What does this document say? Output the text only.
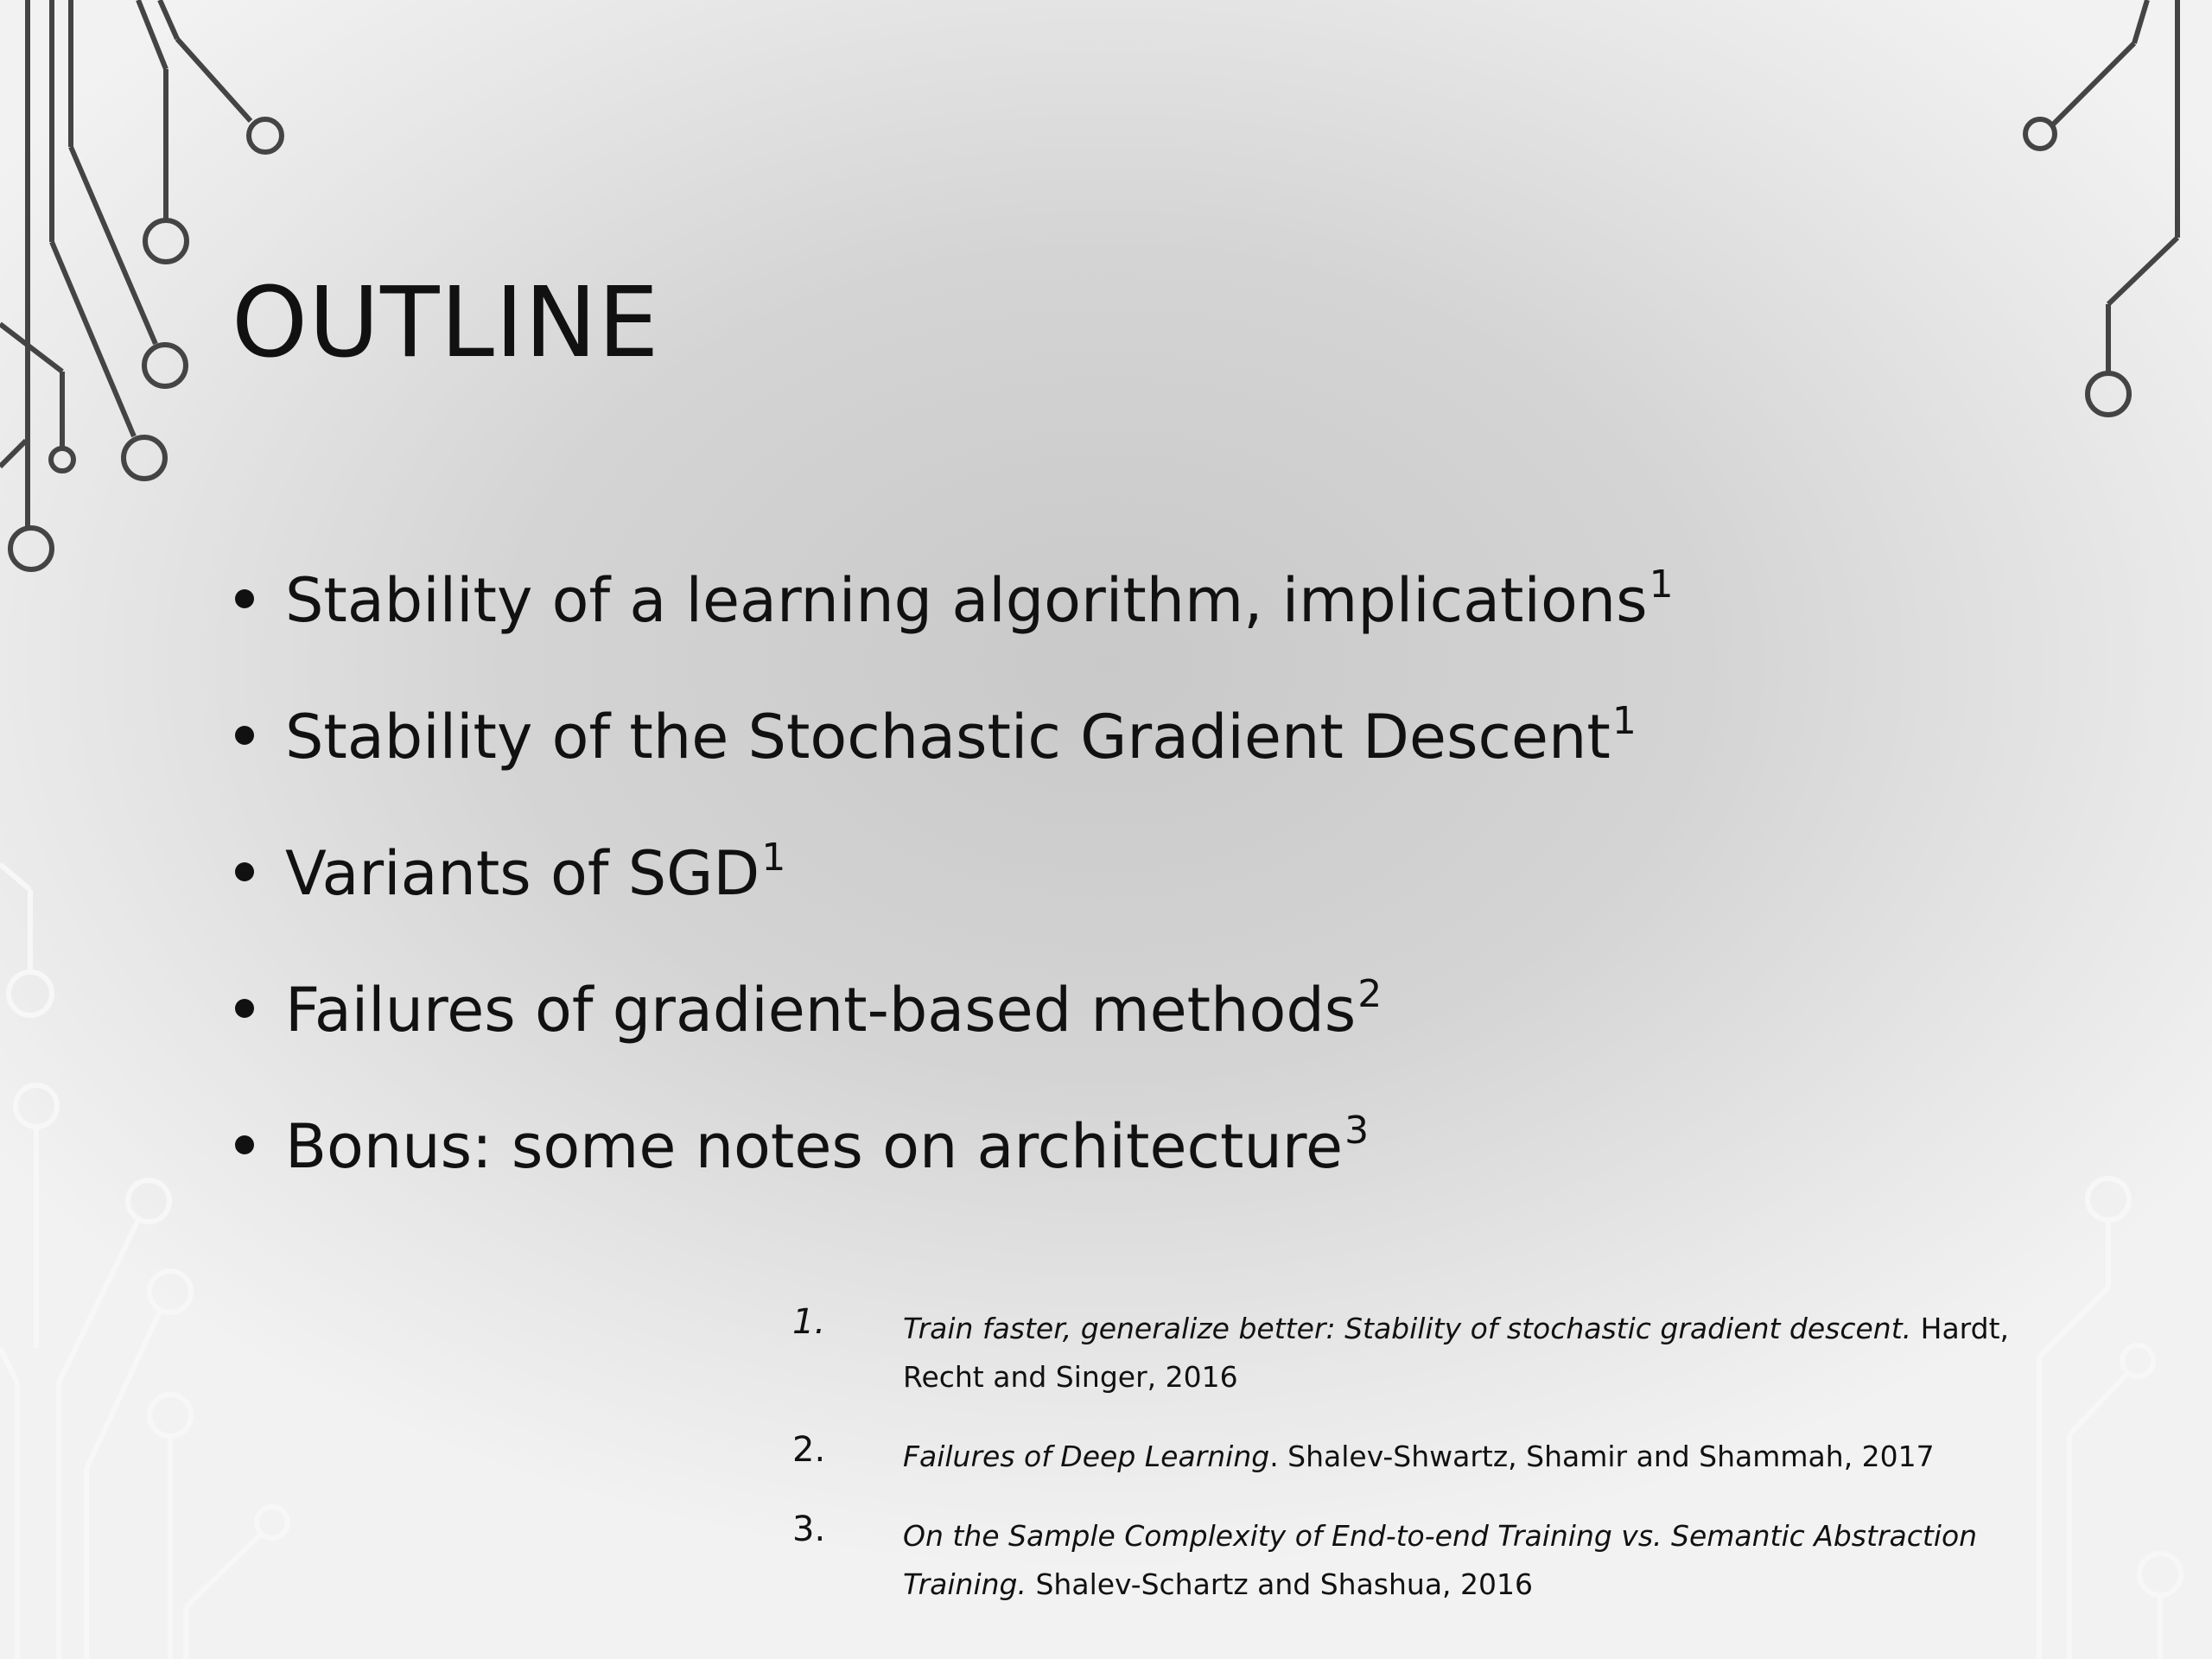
OUTLINE
Stability of a learning algorithm, implications$^1$
Stability of the Stochastic Gradient Descent$^1$
Variants of SGD$^1$
Failures of gradient-based methods$^2$
Bonus: some notes on architecture$^3$
1.	Train faster, generalize better: Stability of stochastic gradient descent. Hardt, Recht and Singer, 2016
2.	Failures of Deep Learning. Shalev-Shwartz, Shamir and Shammah, 2017
3.	On the Sample Complexity of End-to-end Training vs. Semantic Abstraction Training. Shalev-Schartz and Shashua, 2016
